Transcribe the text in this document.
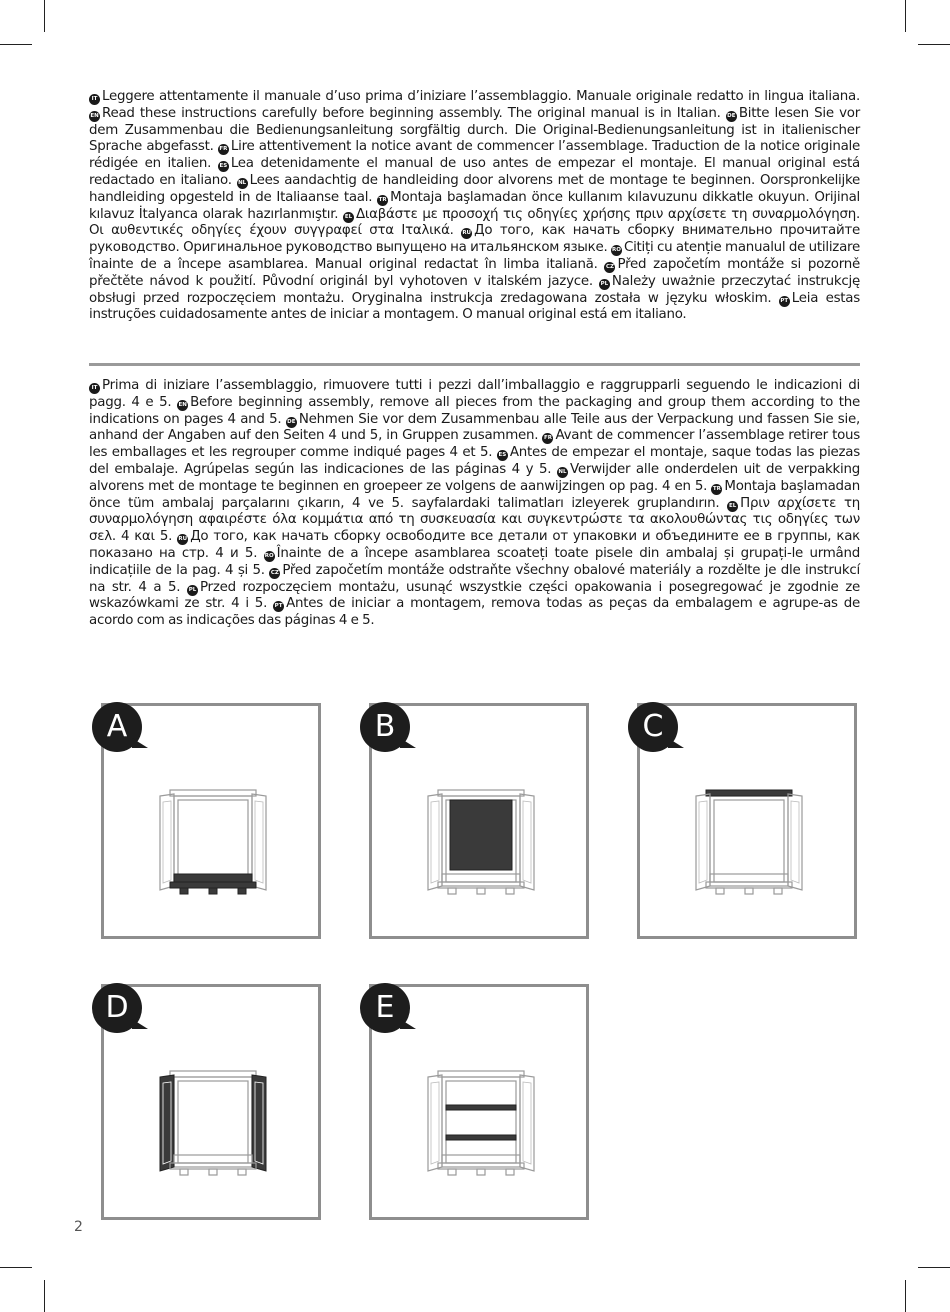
IT Leggere attentamente il manuale d’uso prima d’iniziare l’assemblaggio. Manuale originale redatto in lingua italiana. EN Read these instructions carefully before beginning assembly. The original manual is in Italian. DE Bitte lesen Sie vor dem Zusammenbau die Bedienungsanleitung sorgfältig durch. Die Original-Bedienungsanleitung ist in italienischer Sprache abgefasst. FR Lire attentivement la notice avant de commencer l’assemblage. Traduction de la notice originale rédigée en italien. ES Lea detenidamente el manual de uso antes de empezar el montaje. El manual original está redactado en italiano. NL Lees aandachtig de handleiding door alvorens met de montage te beginnen. Oorspronkelijke handleiding opgesteld in de Italiaanse taal. TR Montaja başlamadan önce kullanım kılavuzunu dikkatle okuyun. Orijinal kılavuz İtalyanca olarak hazırlanmıştır. EL Διαβάστε με προσοχή τις οδηγίες χρήσης πριν αρχίσετε τη συναρμολόγηση. Οι αυθεντικές οδηγίες έχουν συγγραφεί στα Ιταλικά. RU До того, как начать сборку внимательно прочитайте руководство. Оригинальное руководство выпущено на итальянском языке. RO Citiți cu atenție manualul de utilizare înainte de a începe asamblarea. Manual original redactat în limba italiană. CZ Před započetím montáže si pozorně přečtěte návod k použití. Původní originál byl vyhotoven v italském jazyce. PL Należy uważnie przeczytać instrukcję obsługi przed rozpoczęciem montażu. Oryginalna instrukcja zredagowana została w języku włoskim. PT Leia estas instruções cuidadosamente antes de iniciar a montagem. O manual original está em italiano.
IT Prima di iniziare l’assemblaggio, rimuovere tutti i pezzi dall’imballaggio e raggrupparli seguendo le indicazioni di pagg. 4 e 5. EN Before beginning assembly, remove all pieces from the packaging and group them according to the indications on pages 4 and 5. DE Nehmen Sie vor dem Zusammenbau alle Teile aus der Verpackung und fassen Sie sie, anhand der Angaben auf den Seiten 4 und 5, in Gruppen zusammen. FR Avant de commencer l’assemblage retirer tous les emballages et les regrouper comme indiqué pages 4 et 5. ES Antes de empezar el montaje, saque todas las piezas del embalaje. Agrúpelas según las indicaciones de las páginas 4 y 5. NL Verwijder alle onderdelen uit de verpakking alvorens met de montage te beginnen en groepeer ze volgens de aanwijzingen op pag. 4 en 5. TR Montaja başlamadan önce tüm ambalaj parçalarını çıkarın, 4 ve 5. sayfalardaki talimatları izleyerek gruplandırın. EL Πριν αρχίσετε τη συναρμολόγηση αφαιρέστε όλα κομμάτια από τη συσκευασία και συγκεντρώστε τα ακολουθώντας τις οδηγίες των σελ. 4 και 5. RU До того, как начать сборку освободите все детали от упаковки и объедините ее в группы, как показано на стр. 4 и 5. RO Înainte de a începe asamblarea scoateți toate pisele din ambalaj și grupați-le urmând indicațiile de la pag. 4 și 5. CZ Před započetím montáže odstraňte všechny obalové materiály a rozdělte je dle instrukcí na str. 4 a 5. PL Przed rozpoczęciem montażu, usunąć wszystkie części opakowania i posegregować je zgodnie ze wskazówkami ze str. 4 i 5. PT Antes de iniciar a montagem, remova todas as peças da embalagem e agrupe-as de acordo com as indicações das páginas 4 e 5.
A	B	C
D	E
2
